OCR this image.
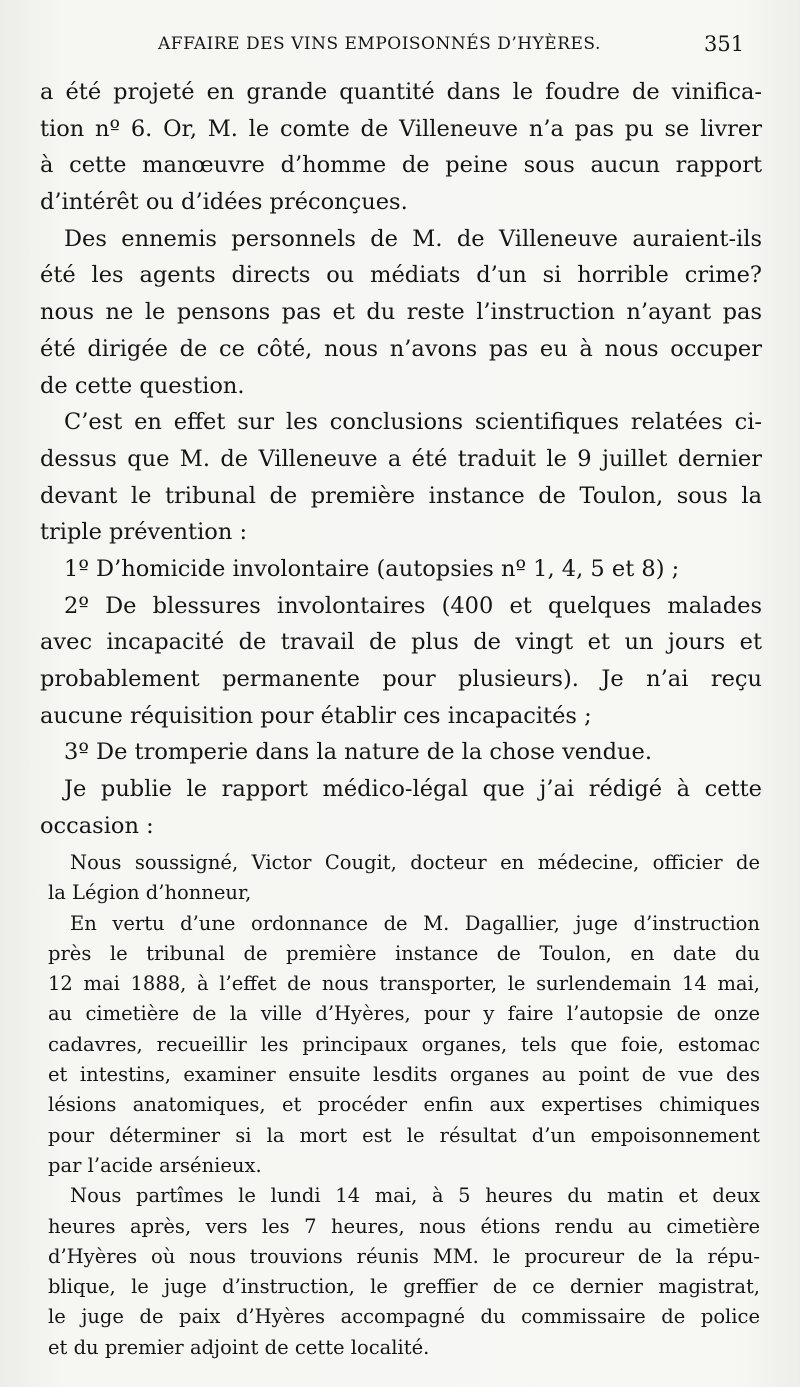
AFFAIRE DES VINS EMPOISONNÉS D’HYÈRES.	351
a été projeté en grande quantité dans le foudre de vinifica-
tion nº 6. Or, M. le comte de Villeneuve n’a pas pu se livrer
à cette manœuvre d’homme de peine sous aucun rapport
d’intérêt ou d’idées préconçues.
Des ennemis personnels de M. de Villeneuve auraient-ils
été les agents directs ou médiats d’un si horrible crime?
nous ne le pensons pas et du reste l’instruction n’ayant pas
été dirigée de ce côté, nous n’avons pas eu à nous occuper
de cette question.
C’est en effet sur les conclusions scientifiques relatées ci-
dessus que M. de Villeneuve a été traduit le 9 juillet dernier
devant le tribunal de première instance de Toulon, sous la
triple prévention :
1º D’homicide involontaire (autopsies nº 1, 4, 5 et 8) ;
2º De blessures involontaires (400 et quelques malades
avec incapacité de travail de plus de vingt et un jours et
probablement permanente pour plusieurs). Je n’ai reçu
aucune réquisition pour établir ces incapacités ;
3º De tromperie dans la nature de la chose vendue.
Je publie le rapport médico-légal que j’ai rédigé à cette
occasion :
Nous soussigné, Victor Cougit, docteur en médecine, officier de
la Légion d’honneur,
En vertu d’une ordonnance de M. Dagallier, juge d’instruction
près le tribunal de première instance de Toulon, en date du
12 mai 1888, à l’effet de nous transporter, le surlendemain 14 mai,
au cimetière de la ville d’Hyères, pour y faire l’autopsie de onze
cadavres, recueillir les principaux organes, tels que foie, estomac
et intestins, examiner ensuite lesdits organes au point de vue des
lésions anatomiques, et procéder enfin aux expertises chimiques
pour déterminer si la mort est le résultat d’un empoisonnement
par l’acide arsénieux.
Nous partîmes le lundi 14 mai, à 5 heures du matin et deux
heures après, vers les 7 heures, nous étions rendu au cimetière
d’Hyères où nous trouvions réunis MM. le procureur de la répu-
blique, le juge d’instruction, le greffier de ce dernier magistrat,
le juge de paix d’Hyères accompagné du commissaire de police
et du premier adjoint de cette localité.
